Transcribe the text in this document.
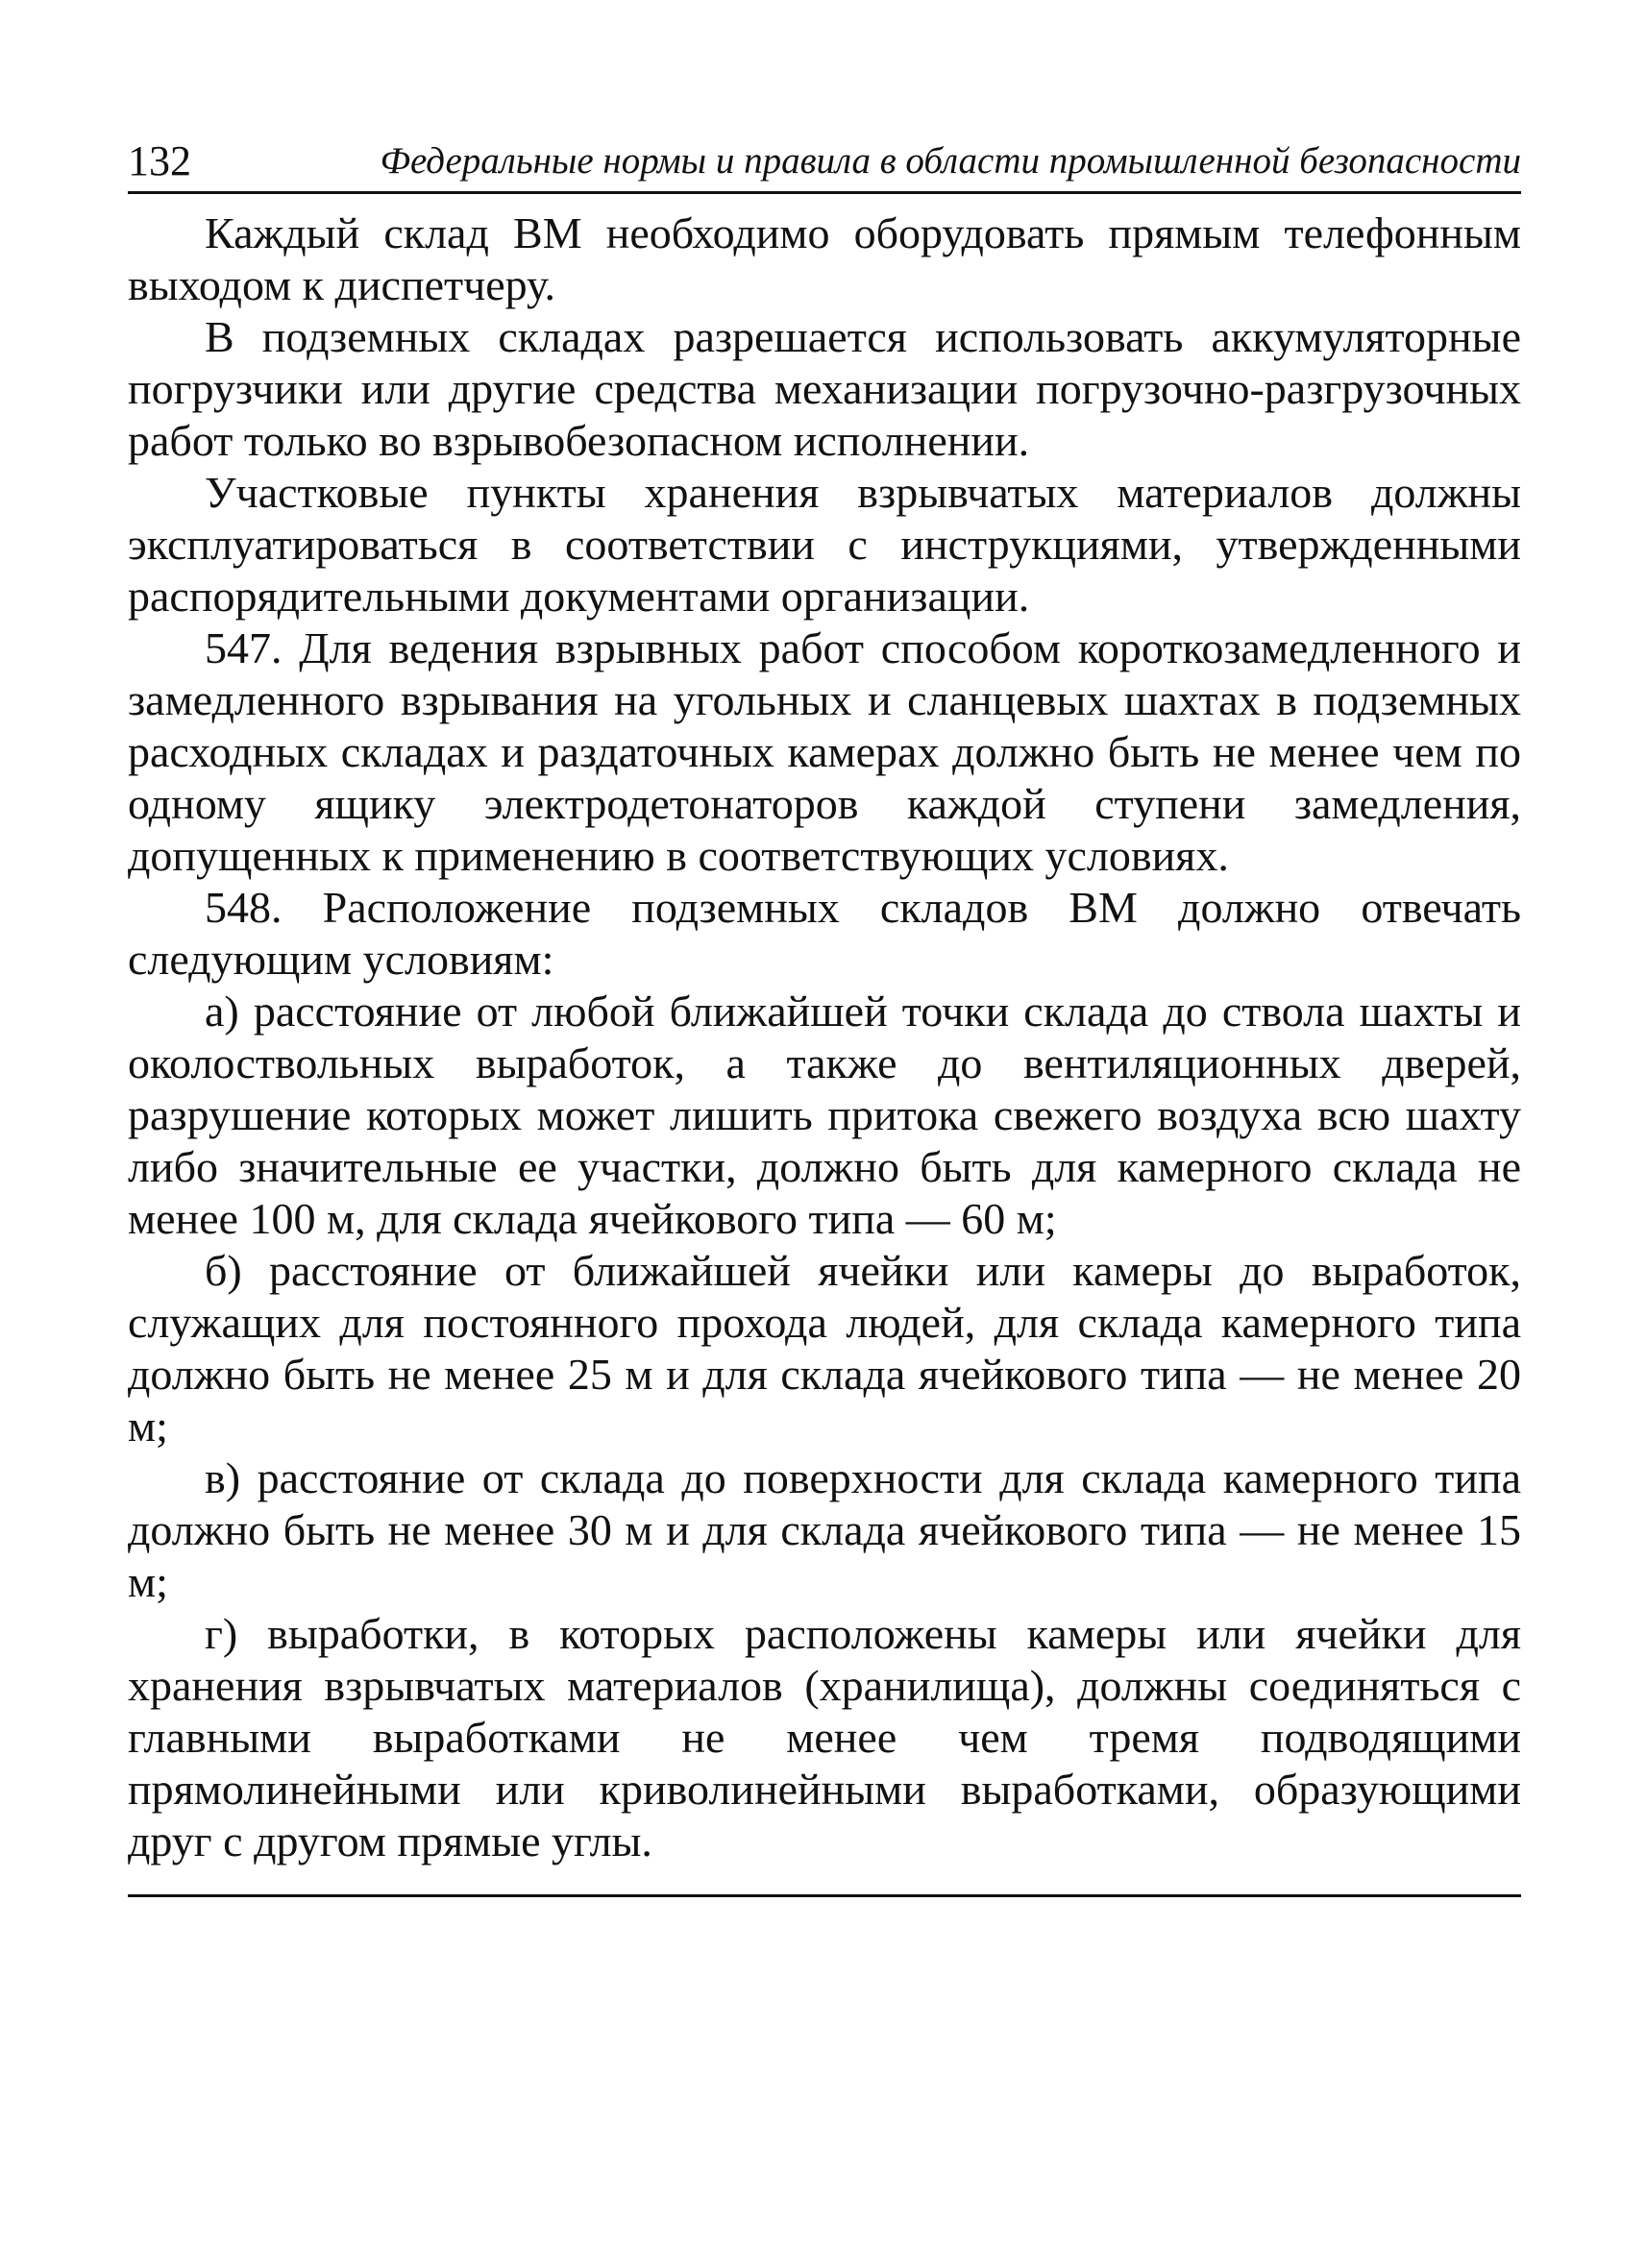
132	Федеральные нормы и правила в области промышленной безопасности

Каждый склад ВМ необходимо оборудовать прямым телефонным выходом к диспетчеру.

В подземных складах разрешается использовать аккумуляторные погрузчики или другие средства механизации погрузочно-разгрузочных работ только во взрывобезопасном исполнении.

Участковые пункты хранения взрывчатых материалов должны эксплуатироваться в соответствии с инструкциями, утвержденными распорядительными документами организации.

547. Для ведения взрывных работ способом короткозамедленного и замедленного взрывания на угольных и сланцевых шахтах в подземных расходных складах и раздаточных камерах должно быть не менее чем по одному ящику электродетонаторов каждой ступени замедления, допущенных к применению в соответствующих условиях.

548. Расположение подземных складов ВМ должно отвечать следующим условиям:

а) расстояние от любой ближайшей точки склада до ствола шахты и околоствольных выработок, а также до вентиляционных дверей, разрушение которых может лишить притока свежего воздуха всю шахту либо значительные ее участки, должно быть для камерного склада не менее 100 м, для склада ячейкового типа — 60 м;

б) расстояние от ближайшей ячейки или камеры до выработок, служащих для постоянного прохода людей, для склада камерного типа должно быть не менее 25 м и для склада ячейкового типа — не менее 20 м;

в) расстояние от склада до поверхности для склада камерного типа должно быть не менее 30 м и для склада ячейкового типа — не менее 15 м;

г) выработки, в которых расположены камеры или ячейки для хранения взрывчатых материалов (хранилища), должны соединяться с главными выработками не менее чем тремя подводящими прямолинейными или криволинейными выработками, образующими друг с другом прямые углы.
